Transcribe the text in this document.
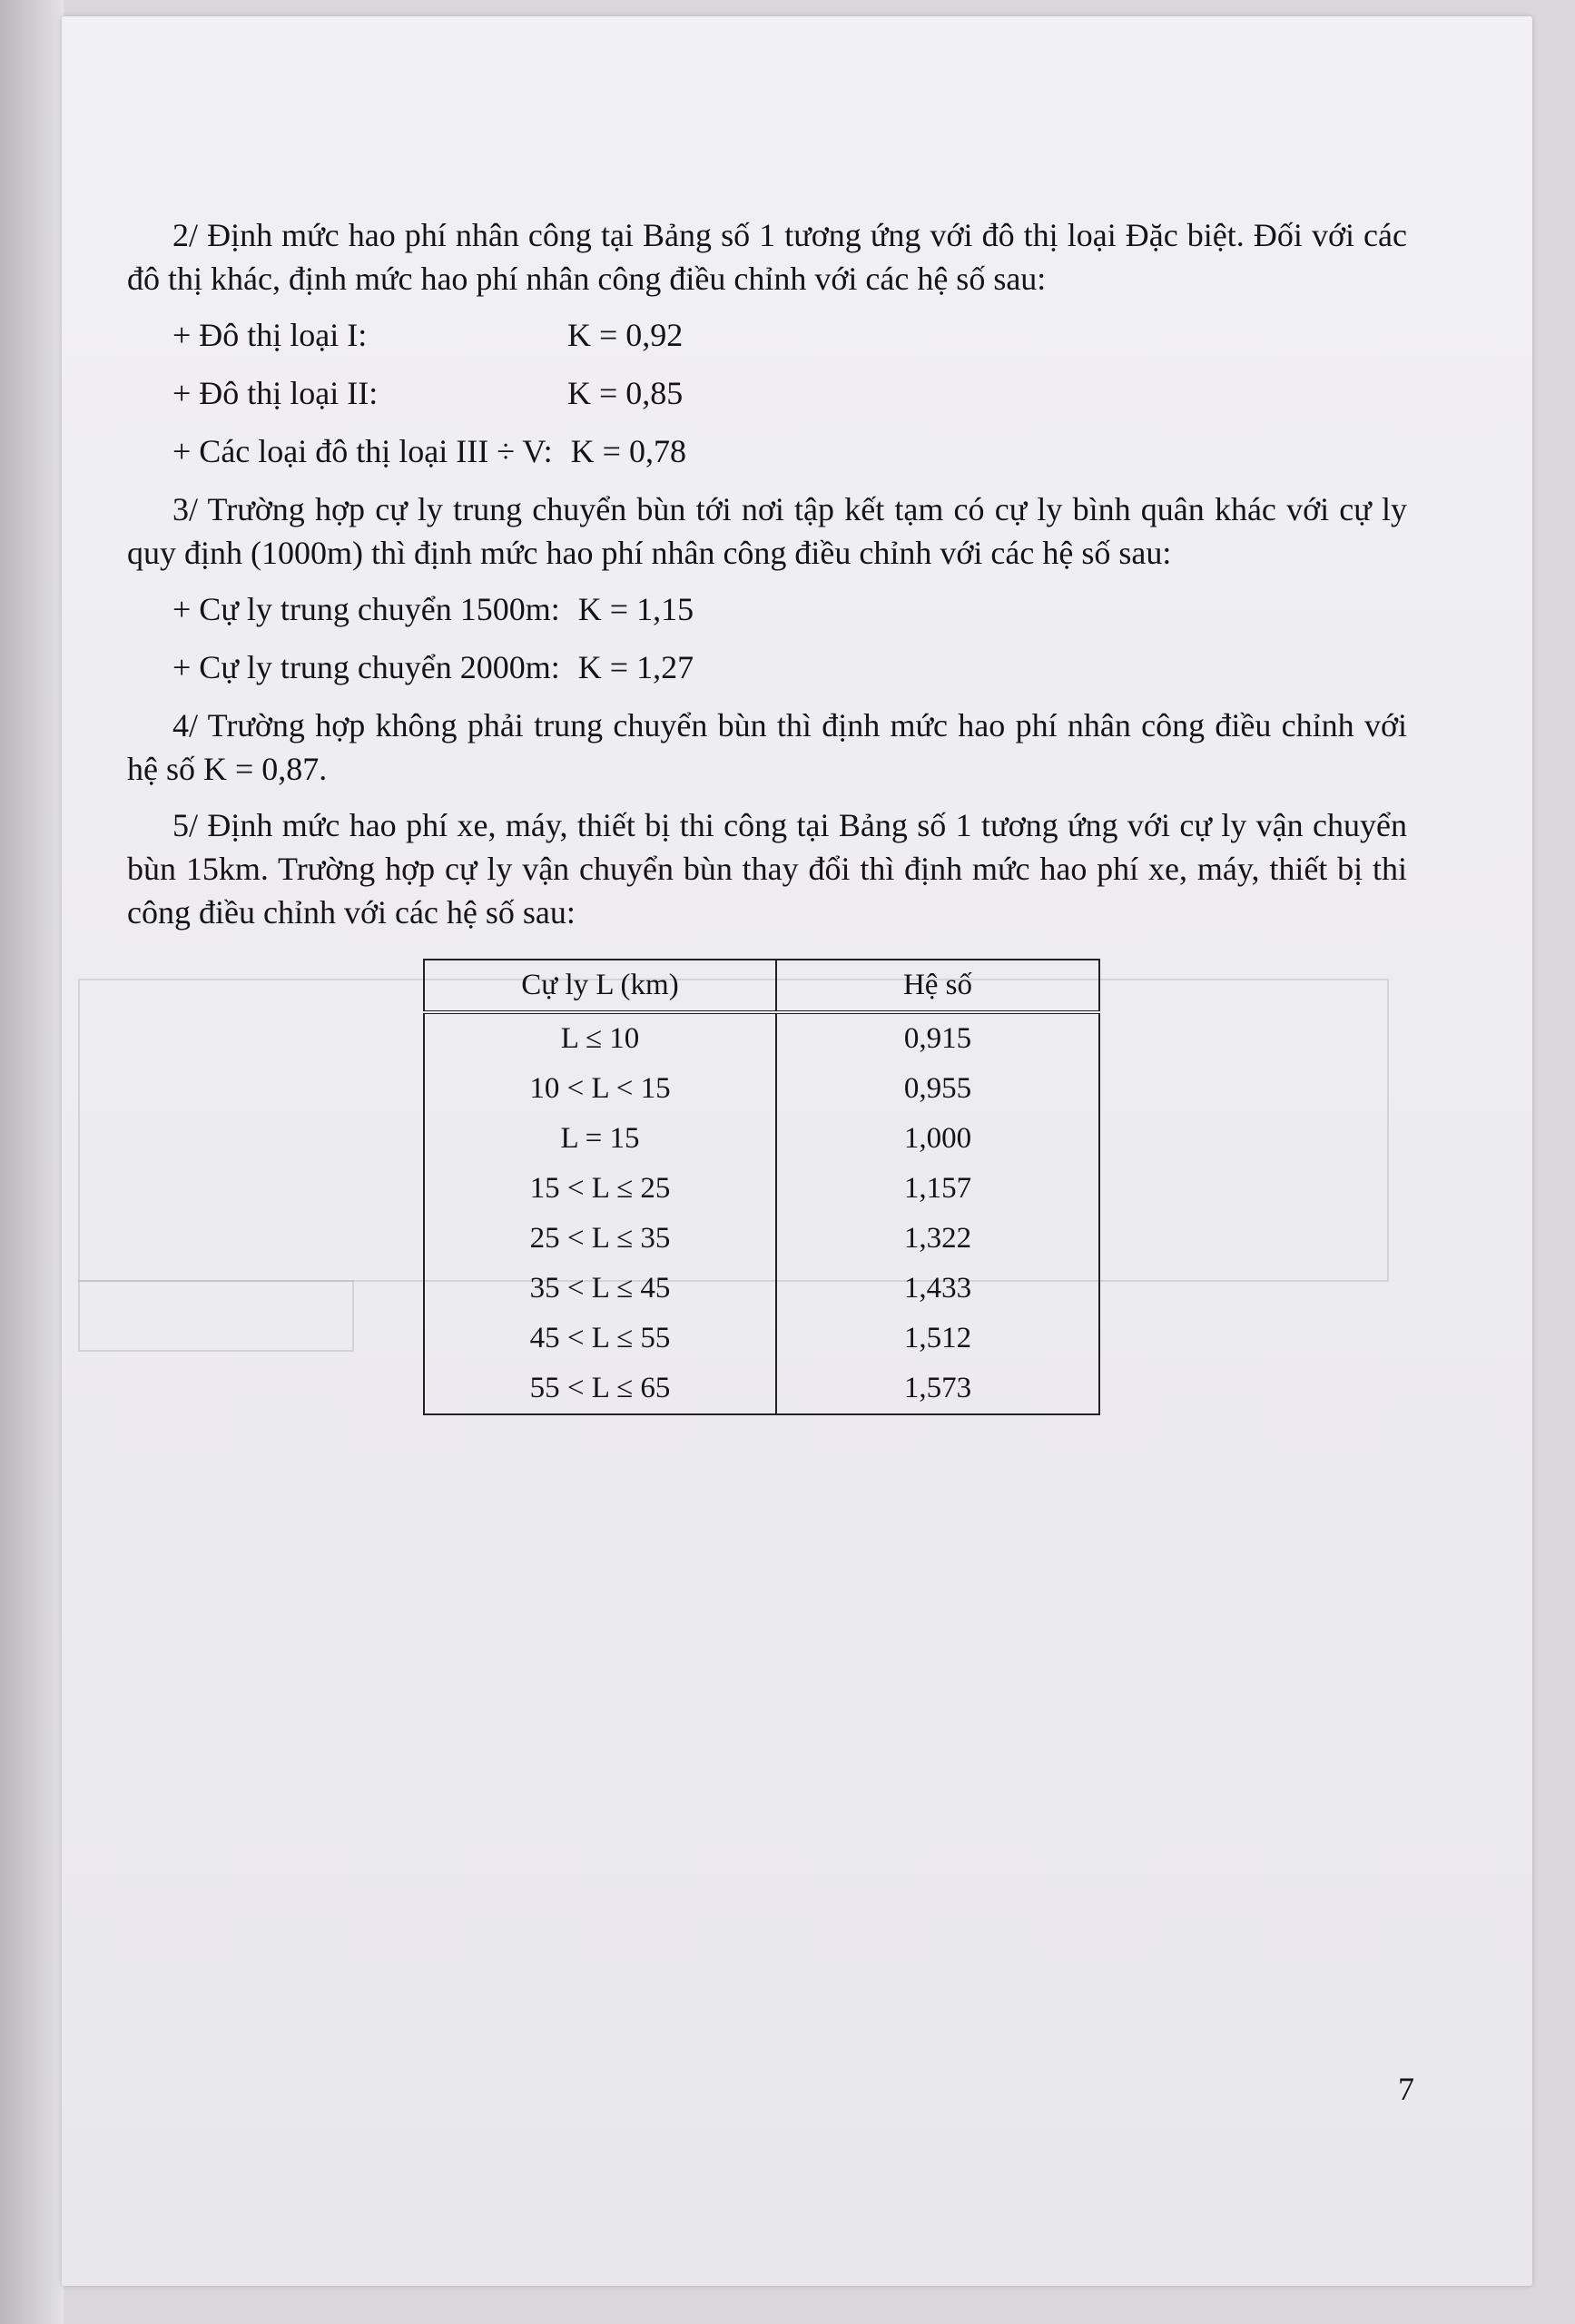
2/ Định mức hao phí nhân công tại Bảng số 1 tương ứng với đô thị loại Đặc biệt. Đối với các đô thị khác, định mức hao phí nhân công điều chỉnh với các hệ số sau:

+ Đô thị loại I:	K = 0,92
+ Đô thị loại II:	K = 0,85
+ Các loại đô thị loại III ÷ V: K = 0,78

3/ Trường hợp cự ly trung chuyển bùn tới nơi tập kết tạm có cự ly bình quân khác với cự ly quy định (1000m) thì định mức hao phí nhân công điều chỉnh với các hệ số sau:

+ Cự ly trung chuyển 1500m: K = 1,15
+ Cự ly trung chuyển 2000m: K = 1,27

4/ Trường hợp không phải trung chuyển bùn thì định mức hao phí nhân công điều chỉnh với hệ số K = 0,87.

5/ Định mức hao phí xe, máy, thiết bị thi công tại Bảng số 1 tương ứng với cự ly vận chuyển bùn 15km. Trường hợp cự ly vận chuyển bùn thay đổi thì định mức hao phí xe, máy, thiết bị thi công điều chỉnh với các hệ số sau:

Cự ly L (km)	Hệ số
L ≤ 10	0,915
10 < L < 15	0,955
L = 15	1,000
15 < L ≤ 25	1,157
25 < L ≤ 35	1,322
35 < L ≤ 45	1,433
45 < L ≤ 55	1,512
55 < L ≤ 65	1,573
7
